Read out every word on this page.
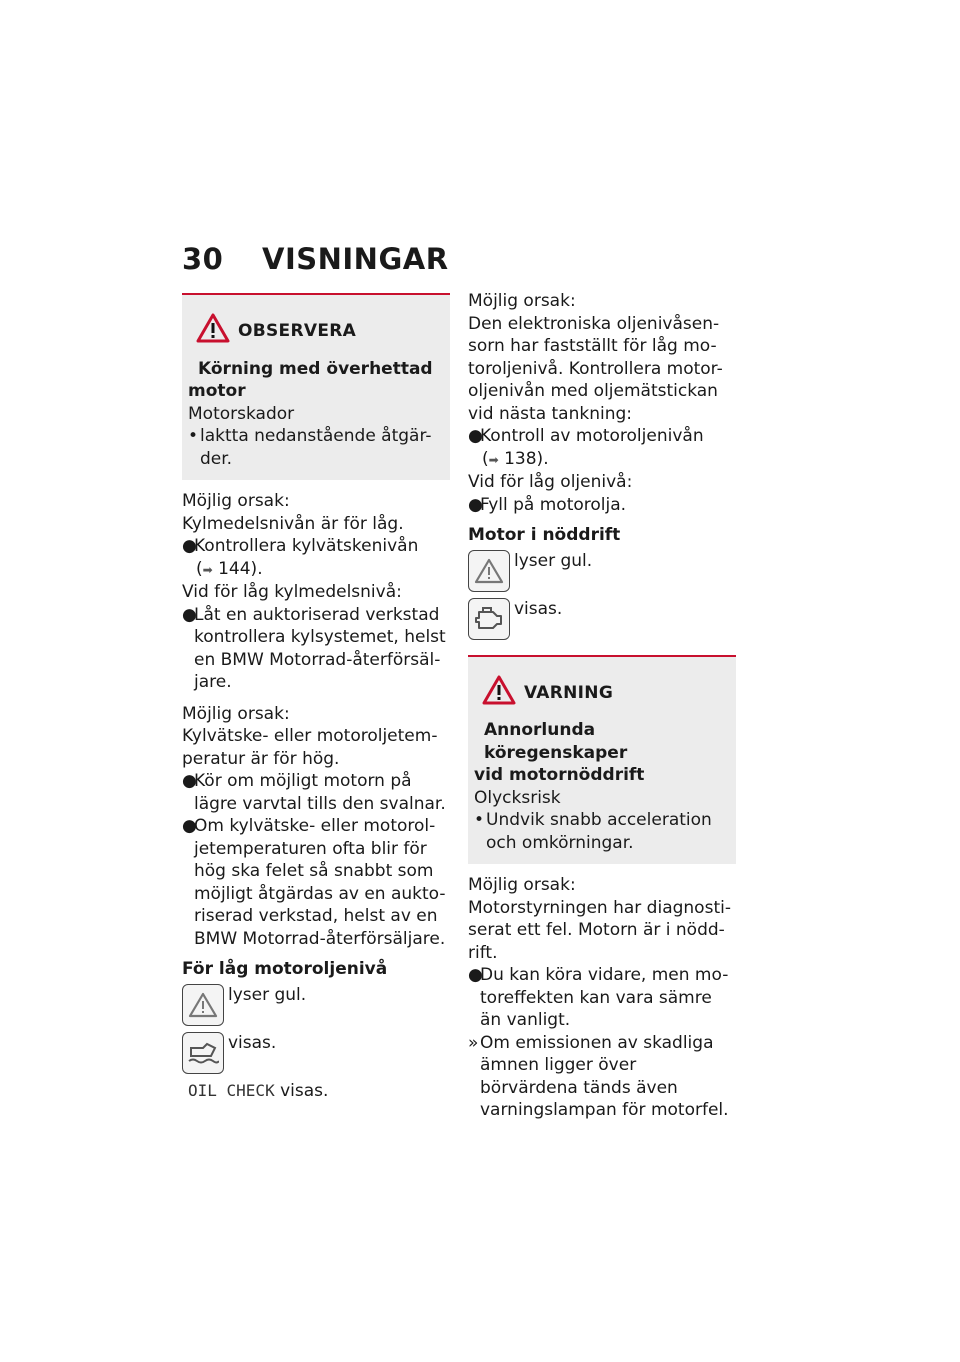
30 VISNINGAR
OBSERVERA
Körning med överhettad
motor
Motorskador
• laktta nedanstående åtgär-der.
Möjlig orsak:
Kylmedelsnivån är för låg.
●
Kontrollera kylvätskenivån
(➡ 144).
Vid för låg kylmedelsnivå:
●
Låt en auktoriserad verkstad kontrollera kylsystemet, helst en BMW Motorrad-återförsäl-jare.
Möjlig orsak:
Kylvätske- eller motoroljetem-peratur är för hög.
●
Kör om möjligt motorn på lägre varvtal tills den svalnar.
●
Om kylvätske- eller motorol-jetemperaturen ofta blir för hög ska felet så snabbt som möjligt åtgärdas av en aukto-riserad verkstad, helst av en BMW Motorrad-återförsäljare.
För låg motoroljenivå
lyser gul.
visas.
OIL CHECK visas.
Möjlig orsak:
Den elektroniska oljenivåsen-sorn har fastställt för låg mo-toroljenivå. Kontrollera motor-oljenivån med oljemätstickan vid nästa tankning:
●
Kontroll av motoroljenivån
(➡ 138).
Vid för låg oljenivå:
●
Fyll på motorolja.
Motor i nöddrift
lyser gul.
visas.
VARNING
Annorlunda köregenskaper
vid motornöddrift
Olycksrisk
• Undvik snabb acceleration och omkörningar.
Möjlig orsak:
Motorstyrningen har diagnosti-serat ett fel. Motorn är i nödd-rift.
●
Du kan köra vidare, men mo-toreffekten kan vara sämre än vanligt.
» Om emissionen av skadliga ämnen ligger över börvärdena tänds även varningslampan för motorfel.
